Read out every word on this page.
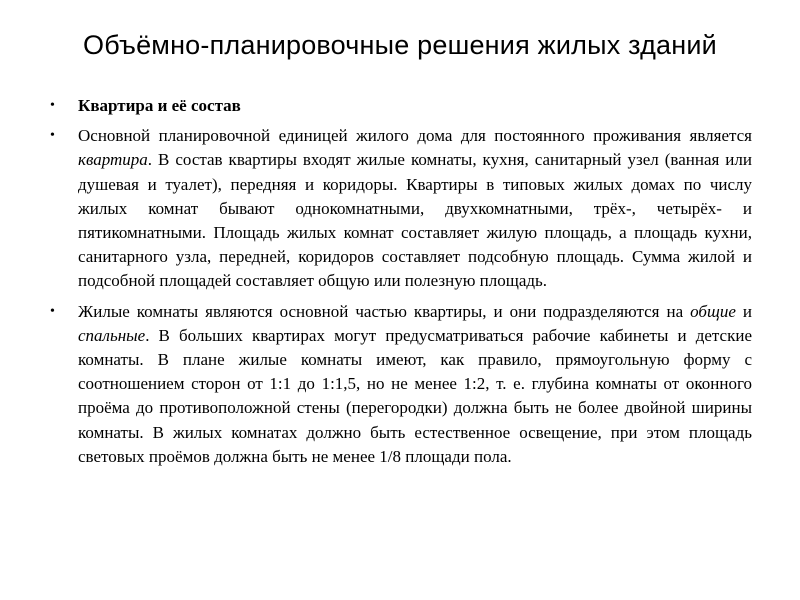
Объёмно-планировочные решения жилых зданий
• Квартира и её состав
• Основной планировочной единицей жилого дома для постоянного проживания является квартира. В состав квартиры входят жилые комнаты, кухня, санитарный узел (ванная или душевая и туалет), передняя и коридоры. Квартиры в типовых жилых домах по числу жилых комнат бывают однокомнатными, двухкомнатными, трёх-, четырёх- и пятикомнатными. Площадь жилых комнат составляет жилую площадь, а площадь кухни, санитарного узла, передней, коридоров составляет подсобную площадь. Сумма жилой и подсобной площадей составляет общую или полезную площадь.
• Жилые комнаты являются основной частью квартиры, и они подразделяются на общие и спальные. В больших квартирах могут предусматриваться рабочие кабинеты и детские комнаты. В плане жилые комнаты имеют, как правило, прямоугольную форму с соотношением сторон от 1:1 до 1:1,5, но не менее 1:2, т. е. глубина комнаты от оконного проёма до противоположной стены (перегородки) должна быть не более двойной ширины комнаты. В жилых комнатах должно быть естественное освещение, при этом площадь световых проёмов должна быть не менее 1/8 площади пола.
